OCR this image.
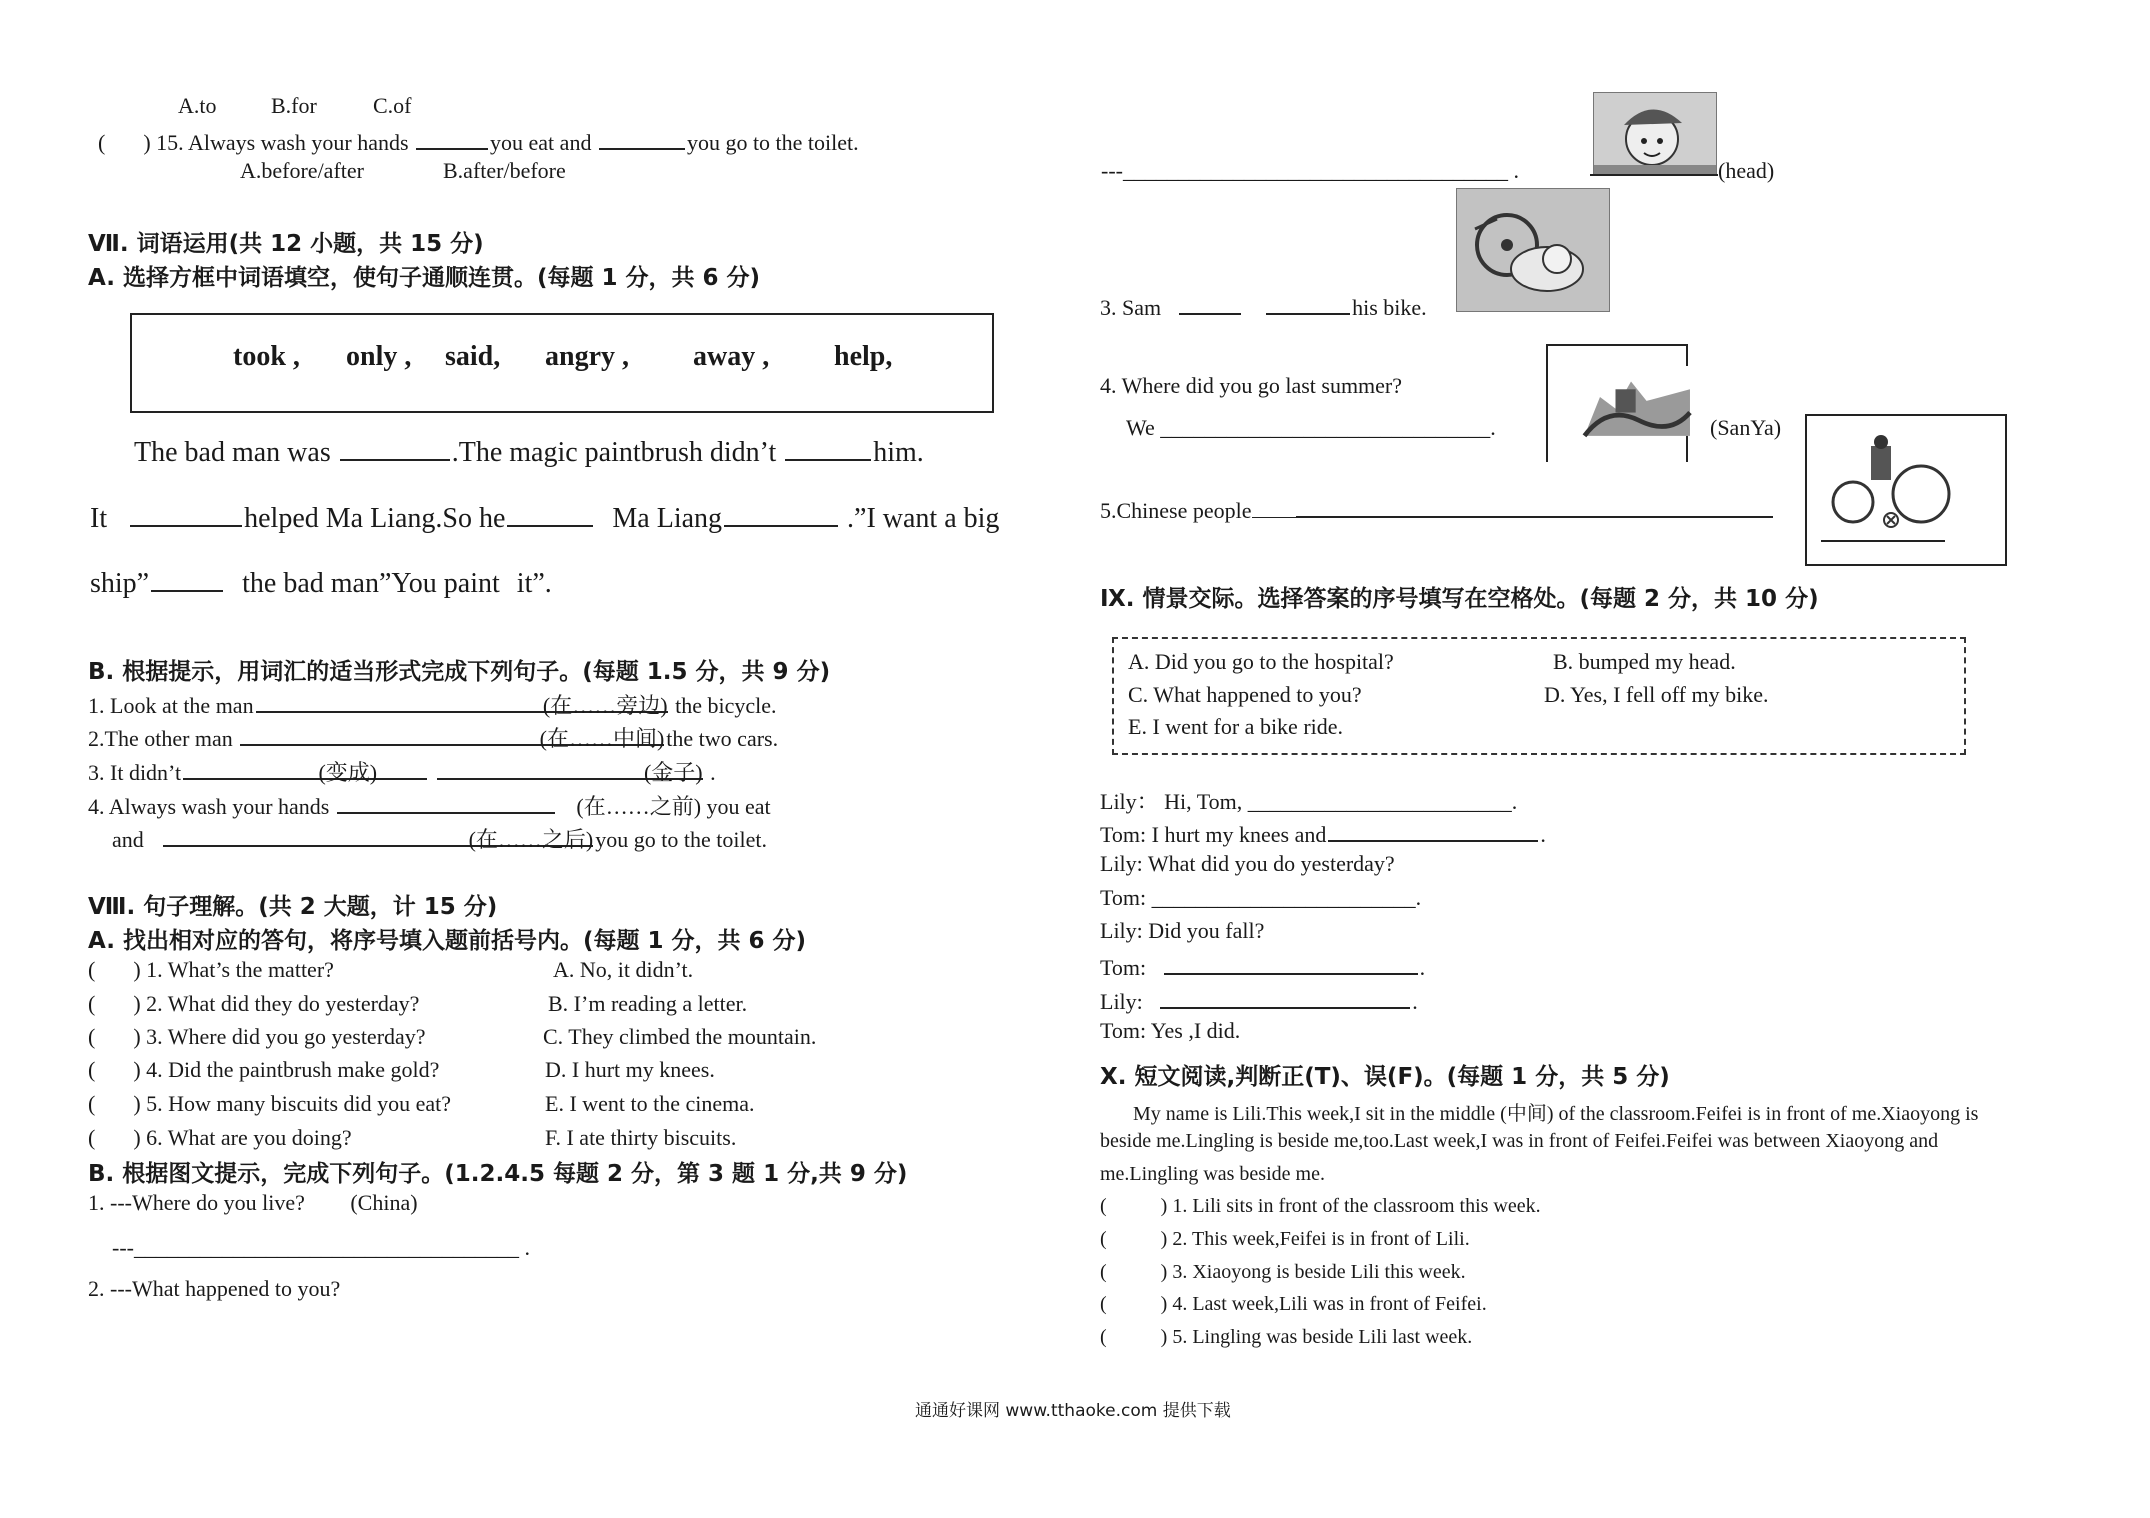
A.to B.for	C.of
( ) 15. Always wash your hands	you eat and	you go to the toilet.
A.before/after	B.after/before
Ⅶ. 词语运用(共 12 小题，共 15 分)
A. 选择方框中词语填空，使句子通顺连贯。(每题 1 分，共 6 分)
took , only , said, angry , away , help,
The bad man was	.The magic paintbrush didn’t	him.
It	helped Ma Liang.So he	Ma Liang	.”I want a big
ship”	the bad man”You paint it”.
B. 根据提示，用词汇的适当形式完成下列句子。(每题 1.5 分，共 9 分)
1. Look at the man	(在……旁边) the bicycle.
2.The other man	(在……中间)the two cars.
3. It didn’t	(变成)	(金子) .
4. Always wash your hands	(在……之前) you eat
and	(在……之后)you go to the toilet.
Ⅷ. 句子理解。(共 2 大题，计 15 分)
A. 找出相对应的答句，将序号填入题前括号内。(每题 1 分，共 6 分)
( ) 1. What’s the matter?	A. No, it didn’t.
( ) 2. What did they do yesterday?	B. I’m reading a letter.
( ) 3. Where did you go yesterday?	C. They climbed the mountain.
( ) 4. Did the paintbrush make gold?	D. I hurt my knees.
( ) 5. How many biscuits did you eat?	E. I went to the cinema.
( ) 6. What are you doing?	F. I ate thirty biscuits.
B. 根据图文提示，完成下列句子。(1.2.4.5 每题 2 分，第 3 题 1 分,共 9 分)
1. ---Where do you live? (China)
---___________________________________ .
2. ---What happened to you?
---___________________________________ .	(head)
3. Sam	his bike.
4. Where did you go last summer?
We ______________________________.	(SanYa)
5.Chinese people
Ⅸ. 情景交际。选择答案的序号填写在空格处。(每题 2 分，共 10 分)
A. Did you go to the hospital?	B. bumped my head.
C. What happened to you?	D. Yes, I fell off my bike.
E. I went for a bike ride.
Lily： Hi, Tom, ________________________.
Tom: I hurt my knees and	.
Lily: What did you do yesterday?
Tom: ________________________.
Lily: Did you fall?
Tom:	.
Lily:	.
Tom: Yes ,I did.
Ⅹ. 短文阅读,判断正(T)、误(F)。(每题 1 分，共 5 分)
My name is Lili.This week,I sit in the middle (中间) of the classroom.Feifei is in front of me.Xiaoyong is
beside me.Lingling is beside me,too.Last week,I was in front of Feifei.Feifei was between Xiaoyong and
me.Lingling was beside me.
(	) 1. Lili sits in front of the classroom this week.
(	) 2. This week,Feifei is in front of Lili.
(	) 3. Xiaoyong is beside Lili this week.
(	) 4. Last week,Lili was in front of Feifei.
(	) 5. Lingling was beside Lili last week.
通通好课网 www.tthaoke.com 提供下载
